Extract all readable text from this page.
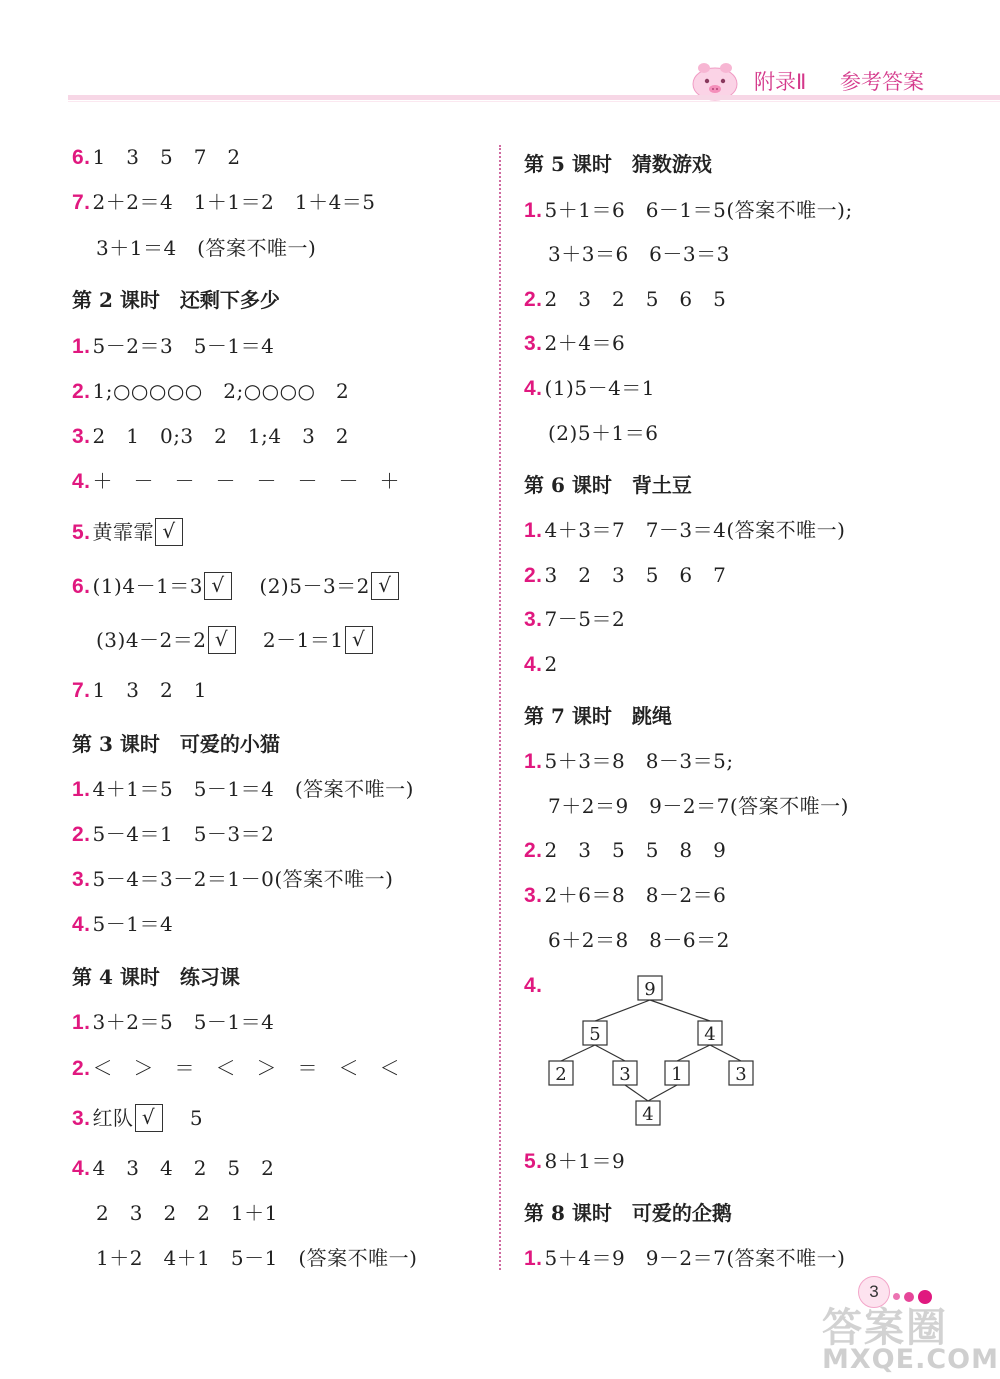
附录Ⅱ 参考答案
6. 1　3　5　7　2
7. 2＋2＝4　1＋1＝2　1＋4＝5
3＋1＝4　(答案不唯一)
第 2 课时　还剩下多少
1. 5－2＝3　5－1＝4
2. 1;○○○○○　2;○○○○　2
3. 2　1　0;3　2　1;4　3　2
4. ＋　－　－　－　－　－　－　＋
5. 黄霏霏 √
6. (1)4－1＝3 √　 (2)5－3＝2 √
(3)4－2＝2 √　 2－1＝1 √
7. 1　3　2　1
第 3 课时　可爱的小猫
1. 4＋1＝5　5－1＝4　(答案不唯一)
2. 5－4＝1　5－3＝2
3. 5－4＝3－2＝1－0(答案不唯一)
4. 5－1＝4
第 4 课时　练习课
1. 3＋2＝5　5－1＝4
2. ＜　＞　＝　＜　＞　＝　＜　＜
3. 红队 √　 5
4. 4　3　4　2　5　2
2　3　2　2　1＋1
1＋2　4＋1　5－1　(答案不唯一)
第 5 课时　猜数游戏
1. 5＋1＝6　6－1＝5(答案不唯一);
3＋3＝6　6－3＝3
2. 2　3　2　5　6　5
3. 2＋4＝6
4. (1)5－4＝1
(2)5＋1＝6
第 6 课时　背土豆
1. 4＋3＝7　7－3＝4(答案不唯一)
2. 3　2　3　5　6　7
3. 7－5＝2
4. 2
第 7 课时　跳绳
1. 5＋3＝8　8－3＝5;
7＋2＝9　9－2＝7(答案不唯一)
2. 2　3　5　5　8　9
3. 2＋6＝8　8－2＝6
6＋2＝8　8－6＝2
4.	9
5	4
2	3 1	3
4
5. 8＋1＝9
第 8 课时　可爱的企鹅
1. 5＋4＝9　9－2＝7(答案不唯一)
3
答案圈
MXQE.COM
